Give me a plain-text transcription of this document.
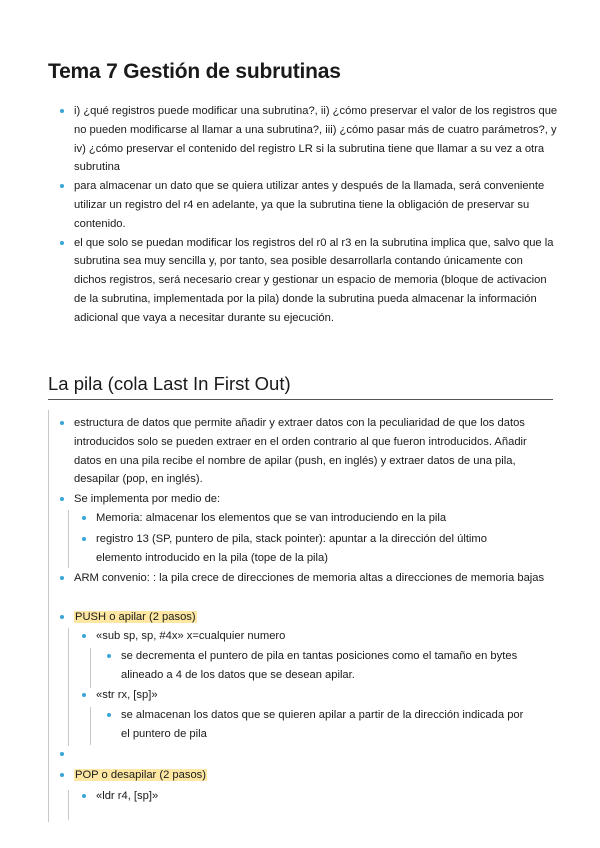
Tema 7 Gestión de subrutinas
i) ¿qué registros puede modificar una subrutina?, ii) ¿cómo preservar el valor de los registros que no pueden modificarse al llamar a una subrutina?, iii) ¿cómo pasar más de cuatro parámetros?, y iv) ¿cómo preservar el contenido del registro LR si la subrutina tiene que llamar a su vez a otra subrutina
para almacenar un dato que se quiera utilizar antes y después de la llamada, será conveniente utilizar un registro del r4 en adelante, ya que la subrutina tiene la obligación de preservar su contenido.
el que solo se puedan modificar los registros del r0 al r3 en la subrutina implica que, salvo que la subrutina sea muy sencilla y, por tanto, sea posible desarrollarla contando únicamente con dichos registros, será necesario crear y gestionar un espacio de memoria (bloque de activacion de la subrutina, implementada por la pila) donde la subrutina pueda almacenar la información adicional que vaya a necesitar durante su ejecución.
La pila (cola Last In First Out)
estructura de datos que permite añadir y extraer datos con la peculiaridad de que los datos introducidos solo se pueden extraer en el orden contrario al que fueron introducidos. Añadir datos en una pila recibe el nombre de apilar (push, en inglés) y extraer datos de una pila, desapilar (pop, en inglés).
Se implementa por medio de:
Memoria: almacenar los elementos que se van introduciendo en la pila
registro 13 (SP, puntero de pila, stack pointer): apuntar a la dirección del último elemento introducido en la pila (tope de la pila)
ARM convenio: : la pila crece de direcciones de memoria altas a direcciones de memoria bajas
PUSH o apilar (2 pasos)
«sub sp, sp, #4x» x=cualquier numero
se decrementa el puntero de pila en tantas posiciones como el tamaño en bytes alineado a 4 de los datos que se desean apilar.
«str rx, [sp]»
se almacenan los datos que se quieren apilar a partir de la dirección indicada por el puntero de pila
POP o desapilar (2 pasos)
«ldr r4, [sp]»
